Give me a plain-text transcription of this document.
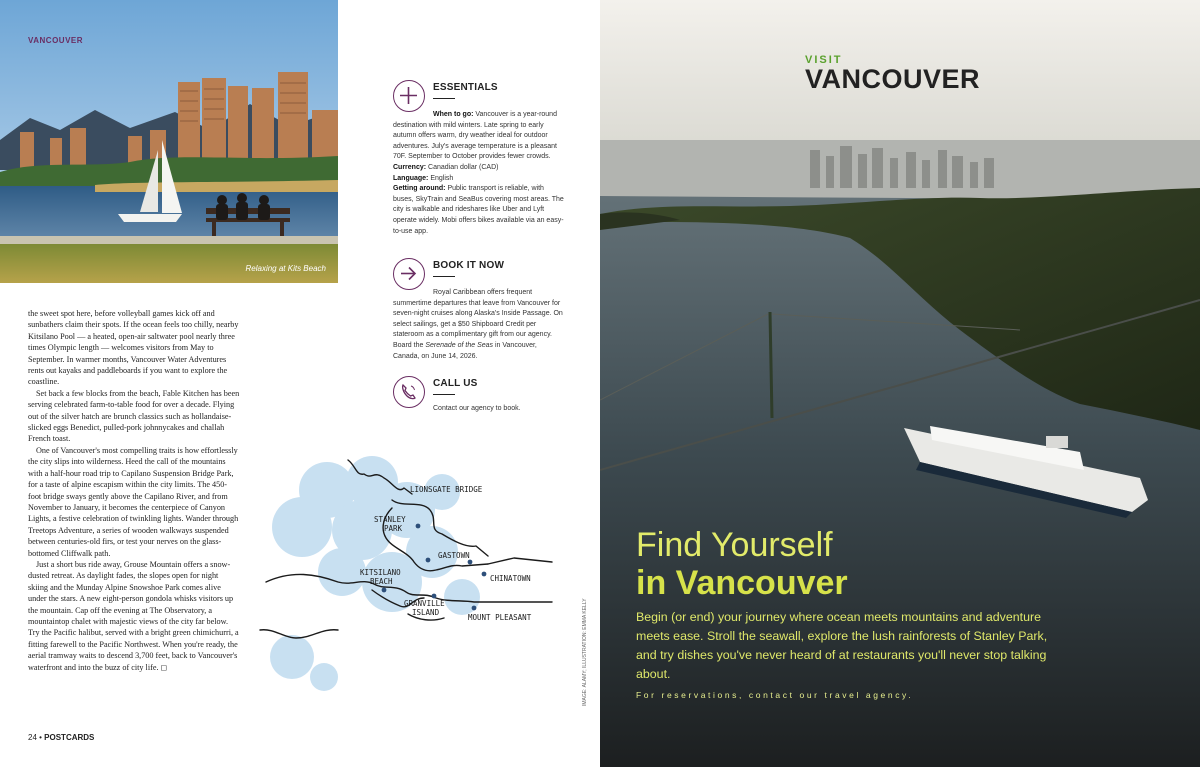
Relaxing at Kits Beach
VANCOUVER
ESSENTIALS
When to go: Vancouver is a year-round destination with mild winters. Late spring to early autumn offers warm, dry weather ideal for outdoor adventures. July's average temperature is a pleasant 70F. September to October provides fewer crowds.
Currency: Canadian dollar (CAD)
Language: English
Getting around: Public transport is reliable, with buses, SkyTrain and SeaBus covering most areas. The city is walkable and rideshares like Uber and Lyft operate widely. Mobi offers bikes available via an easy-to-use app.
BOOK IT NOW
Royal Caribbean offers frequent summertime departures that leave from Vancouver for seven-night cruises along Alaska's Inside Passage. On select sailings, get a $50 Shipboard Credit per stateroom as a complimentary gift from our agency. Board the Serenade of the Seas in Vancouver, Canada, on June 14, 2026.
CALL US
Contact our agency to book.

the sweet spot here, before volleyball games kick off and sunbathers claim their spots. If the ocean feels too chilly, nearby Kitsilano Pool — a heated, open-air saltwater pool nearly three times Olympic length — welcomes visitors from May to September. In warmer months, Vancouver Water Adventures rents out kayaks and paddleboards if you want to explore the coastline.

Set back a few blocks from the beach, Fable Kitchen has been serving celebrated farm-to-table food for over a decade. Flying out of the silver hatch are brunch classics such as hollandaise-slicked eggs Benedict, pulled-pork johnnycakes and challah French toast.

One of Vancouver's most compelling traits is how effortlessly the city slips into wilderness. Heed the call of the mountains with a half-hour road trip to Capilano Suspension Bridge Park, for a taste of alpine escapism within the city limits. The 450-foot bridge sways gently above the Capilano River, and from November to January, it becomes the centerpiece of Canyon Lights, a festive celebration of twinkling lights. Wander through Treetops Adventure, a series of wooden walkways suspended between centuries-old firs, or test your nerves on the glass-bottomed Cliffwalk path.

Just a short bus ride away, Grouse Mountain offers a snow-dusted retreat. As daylight fades, the slopes open for night skiing and the Munday Alpine Snowshoe Park comes alive under the stars. A new eight-person gondola whisks visitors up the mountain. Cap off the evening at The Observatory, a mountaintop chalet with majestic views of the city far below. Try the Pacific halibut, served with a bright green chimichurri, a fitting farewell to the Pacific Northwest. When you're ready, the aerial tramway waits to descend 3,700 feet, back to Vancouver's waterfront and into the buzz of city life. ◻

LIONSGATE BRIDGE
STANLEY
PARK
GASTOWN
CHINATOWN
KITSILANO
BEACH
GRANVILLE
ISLAND
MOUNT PLEASANT	IMAGE: ALAMY; ILLUSTRATION: EMMA KELLY
24 • POSTCARDS
VISIT
VANCOUVER
Find Yourself
in Vancouver
Begin (or end) your journey where ocean meets mountains and adventure meets ease. Stroll the seawall, explore the lush rainforests of Stanley Park, and try dishes you've never heard of at restaurants you'll never stop talking about.
For reservations, contact our travel agency.
